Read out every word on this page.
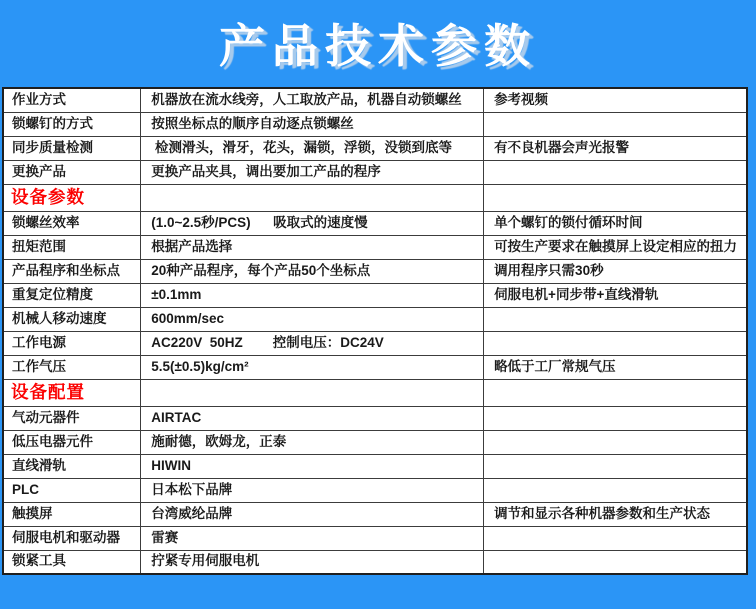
产品技术参数
作业方式	机器放在流水线旁，人工取放产品，机器自动锁螺丝	参考视频
锁螺钉的方式	按照坐标点的顺序自动逐点锁螺丝	
同步质量检测	检测滑头，滑牙，花头，漏锁，浮锁，没锁到底等	有不良机器会声光报警
更换产品	更换产品夹具，调出要加工产品的程序	
设备参数		
锁螺丝效率	(1.0~2.5秒/PCS)      吸取式的速度慢	单个螺钉的锁付循环时间
扭矩范围	根据产品选择	可按生产要求在触摸屏上设定相应的扭力
产品程序和坐标点	20种产品程序，每个产品50个坐标点	调用程序只需30秒
重复定位精度	±0.1mm	伺服电机+同步带+直线滑轨
机械人移动速度	600mm/sec	
工作电源	AC220V  50HZ        控制电压：DC24V	
工作气压	5.5(±0.5)kg/cm²	略低于工厂常规气压
设备配置		
气动元器件	AIRTAC	
低压电器元件	施耐德，欧姆龙，正泰	
直线滑轨	HIWIN	
PLC	日本松下品牌	
触摸屏	台湾威纶品牌	调节和显示各种机器参数和生产状态
伺服电机和驱动器	雷赛	
锁紧工具	拧紧专用伺服电机	
